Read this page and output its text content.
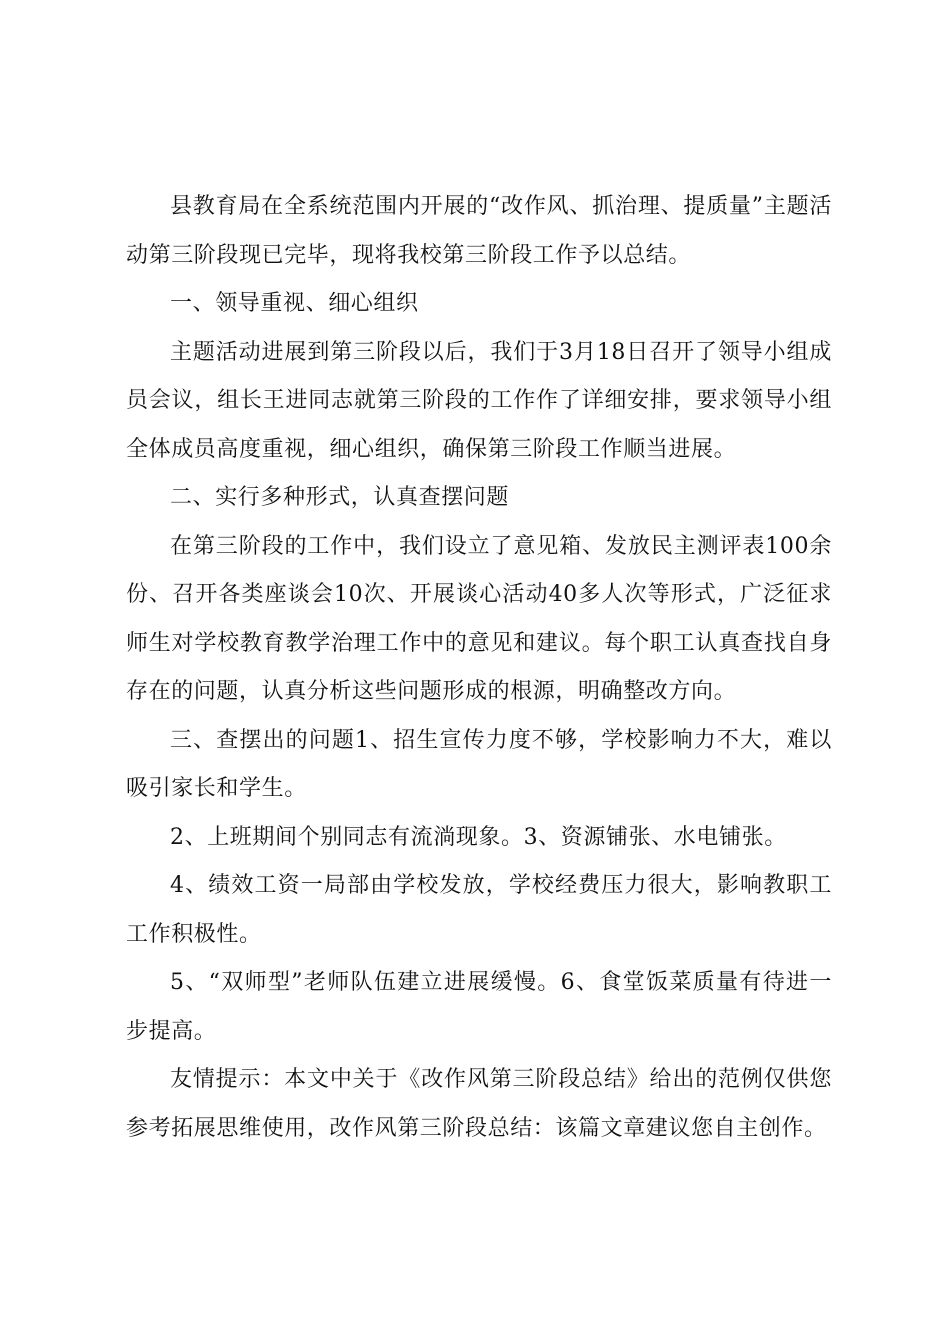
县教育局在全系统范围内开展的“改作风、抓治理、提质量”主题活动第三阶段现已完毕，现将我校第三阶段工作予以总结。

一、领导重视、细心组织

主题活动进展到第三阶段以后，我们于3月18日召开了领导小组成员会议，组长王进同志就第三阶段的工作作了详细安排，要求领导小组全体成员高度重视，细心组织，确保第三阶段工作顺当进展。

二、实行多种形式，认真查摆问题

在第三阶段的工作中，我们设立了意见箱、发放民主测评表100余份、召开各类座谈会10次、开展谈心活动40多人次等形式，广泛征求师生对学校教育教学治理工作中的意见和建议。每个职工认真查找自身存在的问题，认真分析这些问题形成的根源，明确整改方向。

三、查摆出的问题1、招生宣传力度不够，学校影响力不大，难以吸引家长和学生。

2、上班期间个别同志有流淌现象。3、资源铺张、水电铺张。

4、绩效工资一局部由学校发放，学校经费压力很大，影响教职工工作积极性。

5、“双师型”老师队伍建立进展缓慢。6、食堂饭菜质量有待进一步提高。

友情提示：本文中关于《改作风第三阶段总结》给出的范例仅供您参考拓展思维使用，改作风第三阶段总结：该篇文章建议您自主创作。
